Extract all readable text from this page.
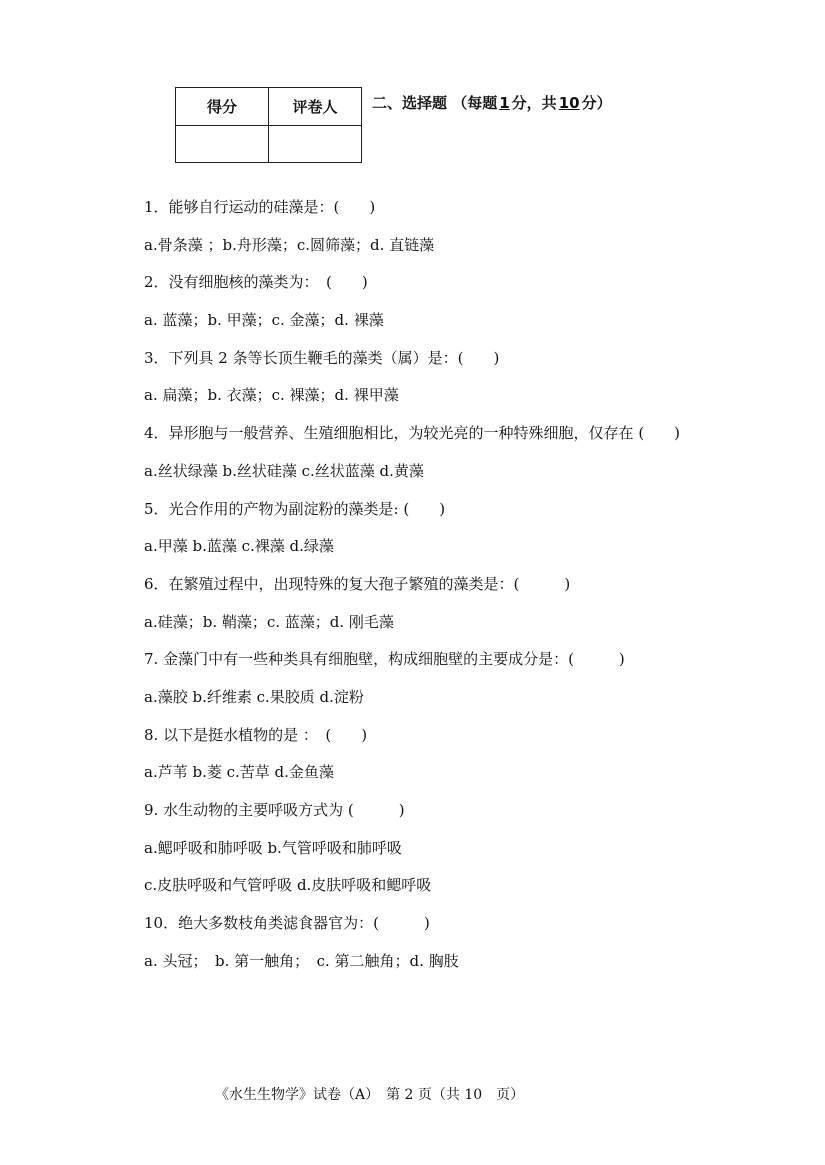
得分	评卷人
	二、选择题 （每题 1 分，共 10 分）
1．能够自行运动的硅藻是：(　　)
a.骨条藻 ；b.舟形藻；c.圆筛藻；d. 直链藻
2．没有细胞核的藻类为：　(　　)
a. 蓝藻；b. 甲藻；c. 金藻；d. 裸藻
3．下列具 2 条等长顶生鞭毛的藻类（属）是：(　　)
a. 扁藻；b. 衣藻；c. 裸藻；d. 裸甲藻
4．异形胞与一般营养、生殖细胞相比，为较光亮的一种特殊细胞，仅存在 (　　)
a.丝状绿藻 b.丝状硅藻 c.丝状蓝藻 d.黄藻
5．光合作用的产物为副淀粉的藻类是: (　　)
a.甲藻 b.蓝藻 c.裸藻 d.绿藻
6．在繁殖过程中，出现特殊的复大孢子繁殖的藻类是：(　　　)
a.硅藻；b. 鞘藻；c. 蓝藻；d. 刚毛藻
7. 金藻门中有一些种类具有细胞壁，构成细胞壁的主要成分是：(　　　)
a.藻胶 b.纤维素 c.果胶质 d.淀粉
8. 以下是挺水植物的是 ：　(　　)
a.芦苇 b.菱 c.苦草 d.金鱼藻
9. 水生动物的主要呼吸方式为 (　　　)
a.鳃呼吸和肺呼吸 b.气管呼吸和肺呼吸
c.皮肤呼吸和气管呼吸 d.皮肤呼吸和鳃呼吸
10．绝大多数枝角类滤食器官为：(　　　)
a. 头冠；　b. 第一触角；　c. 第二触角；d. 胸肢
《水生生物学》试卷（A）　第 2 页（共 10　页）
